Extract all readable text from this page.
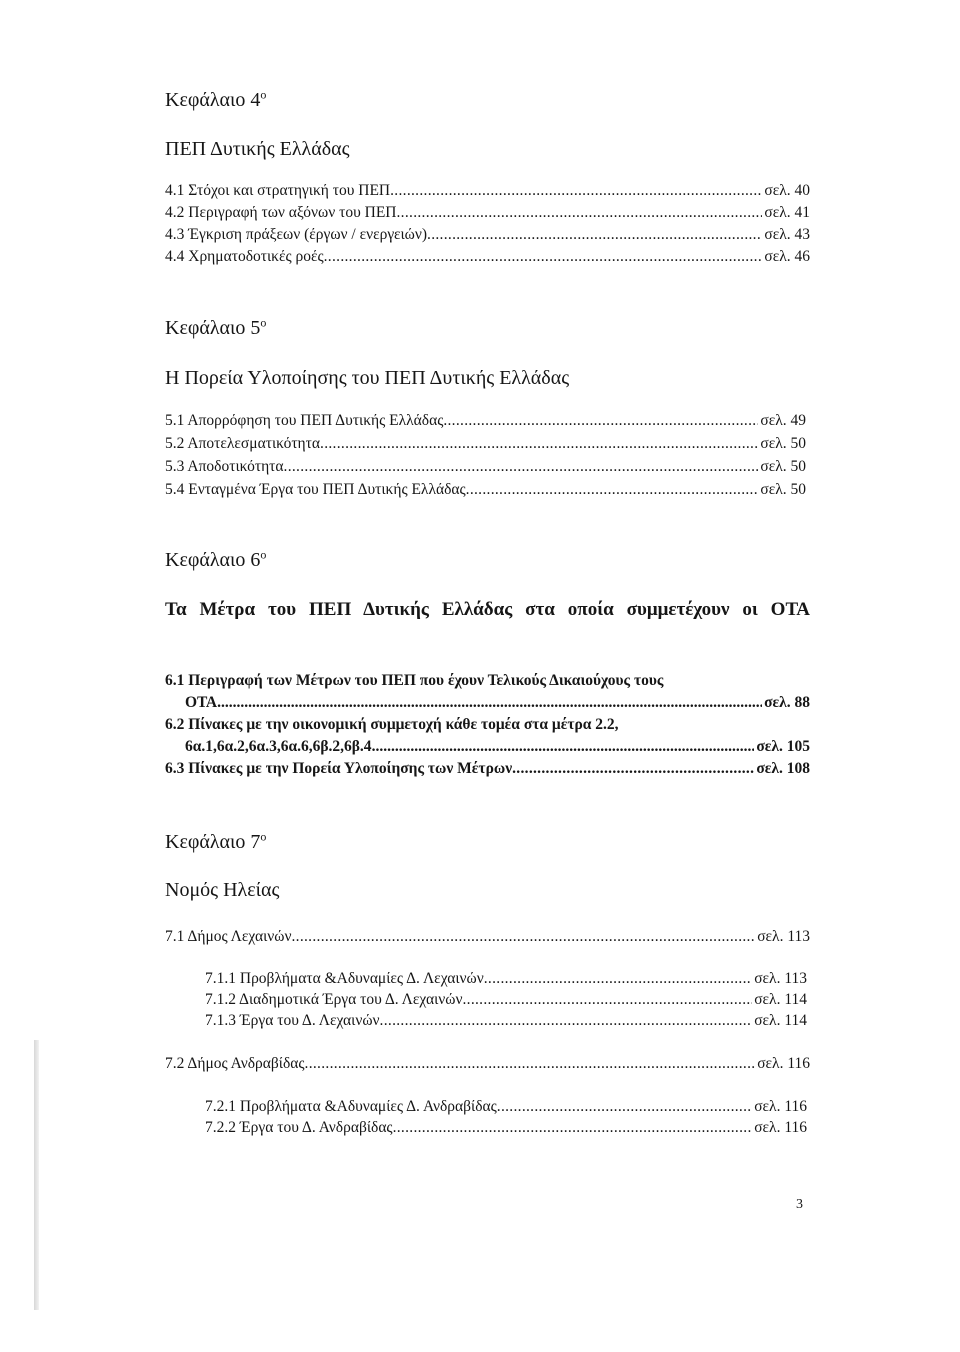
Κεφάλαιο $4^o$
ΠΕΠ Δυτικής Ελλάδας
4.1 Στόχοι και στρατηγική του ΠΕΠ	σελ. 40
.....
4.2 Περιγραφή των αξόνων του ΠΕΠ	σελ. 41
.....
4.3 Έγκριση πράξεων (έργων / ενεργειών)	σελ. 43
.....
4.4 Χρηματοδοτικές ροές	σελ. 46
.....
Κεφάλαιο $5^o$
Η Πορεία Υλοποίησης του ΠΕΠ Δυτικής Ελλάδας
5.1 Απορρόφηση του ΠΕΠ Δυτικής Ελλάδας	σελ. 49
.....
5.2 Αποτελεσματικότητα	σελ. 50
.....
5.3 Αποδοτικότητα	σελ. 50
.....
5.4 Ενταγμένα Έργα του ΠΕΠ Δυτικής Ελλάδας	σελ. 50
.....
Κεφάλαιο $6^o$
Τα Μέτρα του ΠΕΠ Δυτικής Ελλάδας στα οποία συμμετέχουν οι ΟΤΑ
6.1 Περιγραφή των Μέτρων του ΠΕΠ που έχουν Τελικούς Δικαιούχους τους
ΟΤΑ	σελ. 88
.....
6.2 Πίνακες με την οικονομική συμμετοχή κάθε τομέα στα μέτρα 2.2,
6α.1,6α.2,6α.3,6α.6,6β.2,6β.4	σελ. 105
.....
6.3 Πίνακες με την Πορεία Υλοποίησης των Μέτρων	σελ. 108
.....
Κεφάλαιο $7^o$
Νομός Ηλείας
7.1 Δήμος Λεχαινών	σελ. 113
.....
7.1.1 Προβλήματα &Αδυναμίες Δ. Λεχαινών	σελ. 113
.....
7.1.2 Διαδημοτικά Έργα του Δ. Λεχαινών	σελ. 114
.....
7.1.3 Έργα του Δ. Λεχαινών	σελ. 114
.....
7.2 Δήμος Ανδραβίδας	σελ. 116
.....
7.2.1 Προβλήματα &Αδυναμίες Δ. Ανδραβίδας	σελ. 116
.....
7.2.2 Έργα του Δ. Ανδραβίδας	σελ. 116
.....
3
